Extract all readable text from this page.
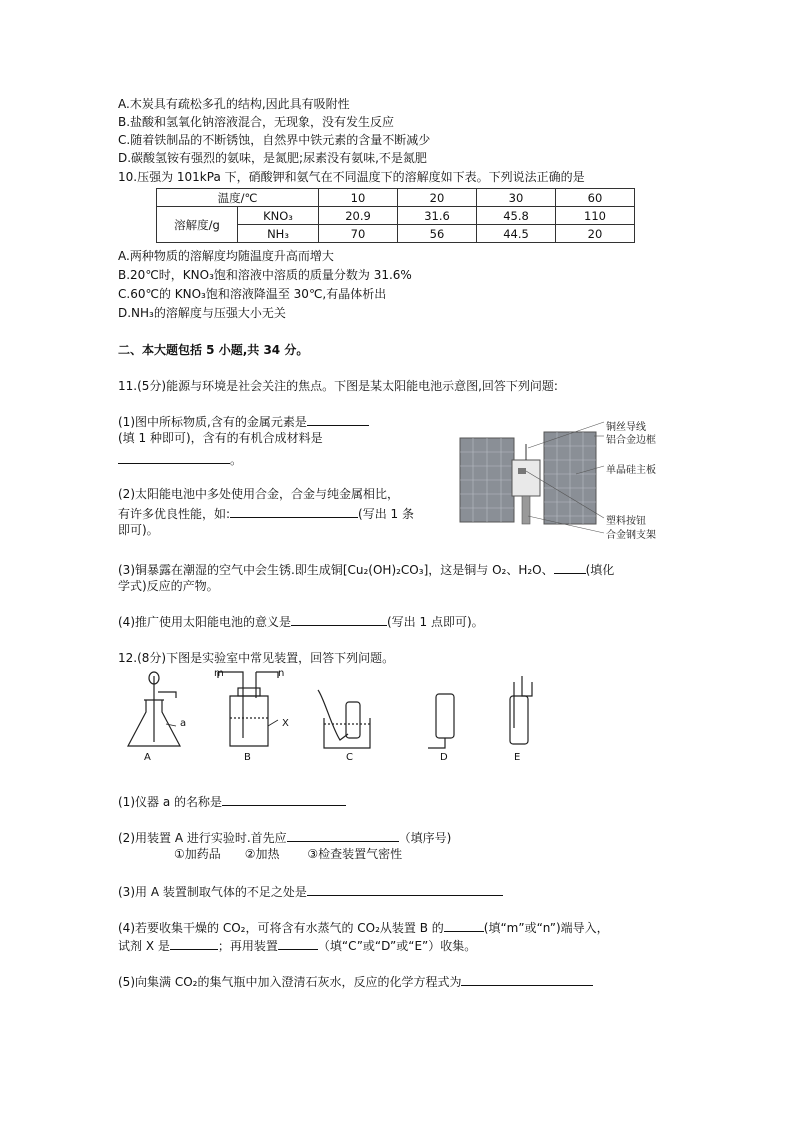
A.木炭具有疏松多孔的结构,因此具有吸附性
B.盐酸和氢氧化钠溶液混合，无现象，没有发生反应
C.随着铁制品的不断锈蚀，自然界中铁元素的含量不断减少
D.碳酸氢铵有强烈的氨味，是氮肥;尿素没有氨味,不是氮肥
10.压强为 101kPa 下，硝酸钾和氨气在不同温度下的溶解度如下表。下列说法正确的是
温度/℃		10	20	30	60
溶解度/g	KNO₃	20.9	31.6	45.8	110
	NH₃	70	56	44.5	20
A.两种物质的溶解度均随温度升高而增大
B.20℃时，KNO₃饱和溶液中溶质的质量分数为 31.6%
C.60℃的 KNO₃饱和溶液降温至 30℃,有晶体析出
D.NH₃的溶解度与压强大小无关
二、本大题包括 5 小题,共 34 分。
11.(5分)能源与环境是社会关注的焦点。下图是某太阳能电池示意图,回答下列问题:
(1)图中所标物质,含有的金属元素是
(填 1 种即可)，含有的有机合成材料是
。
(2)太阳能电池中多处使用合金，合金与纯金属相比，
有许多优良性能，如:	(写出 1 条
即可)。
铜丝导线
铝合金边框
单晶硅主板
塑料按钮
合金钢支架
(3)铜暴露在潮湿的空气中会生锈.即生成铜[Cu₂(OH)₂CO₃]，这是铜与 O₂、H₂O、	(填化
学式)反应的产物。
(4)推广使用太阳能电池的意义是	(写出 1 点即可)。
12.(8分)下图是实验室中常见装置，回答下列问题。
a
m	n
X
A	B	C	D	E
(1)仪器 a 的名称是
(2)用装置 A 进行实验时.首先应	（填序号)
①加药品　　②加热　　 ③检查装置气密性
(3)用 A 装置制取气体的不足之处是
(4)若要收集干燥的 CO₂，可将含有水蒸气的 CO₂从装置 B 的	(填“m”或“n”)端导入，
试剂 X 是	；再用装置	（填“C”或“D”或“E”）收集。
(5)向集满 CO₂的集气瓶中加入澄清石灰水，反应的化学方程式为
